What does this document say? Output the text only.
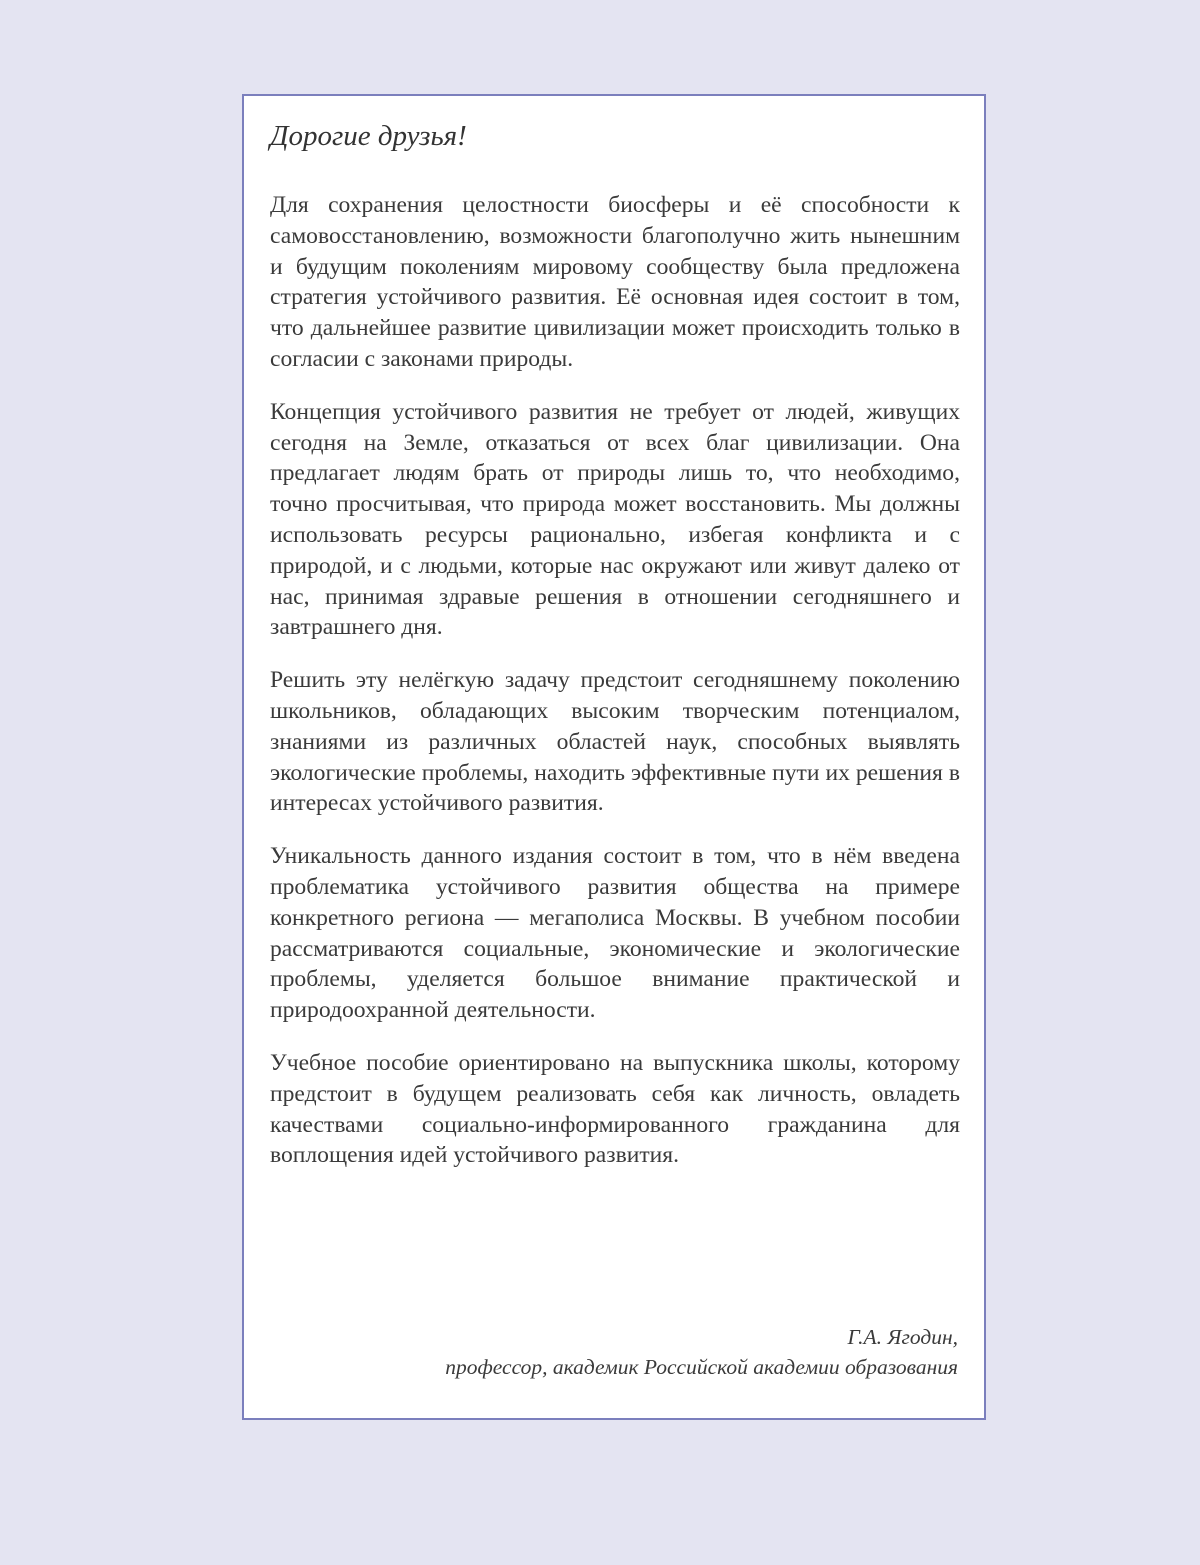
Дорогие друзья!

Для сохранения целостности биосферы и её способности к самовосстановлению, возможности благополучно жить нынешним и будущим поколениям мировому сообществу была предложена стратегия устойчивого развития. Её основная идея состоит в том, что дальнейшее развитие цивилизации может происходить только в согласии с законами природы.

Концепция устойчивого развития не требует от людей, живущих сегодня на Земле, отказаться от всех благ цивилизации. Она предлагает людям брать от природы лишь то, что необходимо, точно просчитывая, что природа может восстановить. Мы должны использовать ресурсы рационально, избегая конфликта и с природой, и с людьми, которые нас окружают или живут далеко от нас, принимая здравые решения в отношении сегодняшнего и завтрашнего дня.

Решить эту нелёгкую задачу предстоит сегодняшнему поколению школьников, обладающих высоким творческим потенциалом, знаниями из различных областей наук, способных выявлять экологические проблемы, находить эффективные пути их решения в интересах устойчивого развития.

Уникальность данного издания состоит в том, что в нём введена проблематика устойчивого развития общества на примере конкретного региона — мегаполиса Москвы. В учебном пособии рассматриваются социальные, экономические и экологические проблемы, уделяется большое внимание практической и природоохранной деятельности.

Учебное пособие ориентировано на выпускника школы, которому предстоит в будущем реализовать себя как личность, овладеть качествами социально-информированного гражданина для воплощения идей устойчивого развития.

Г.А. Ягодин,
профессор, академик Российской академии образования
